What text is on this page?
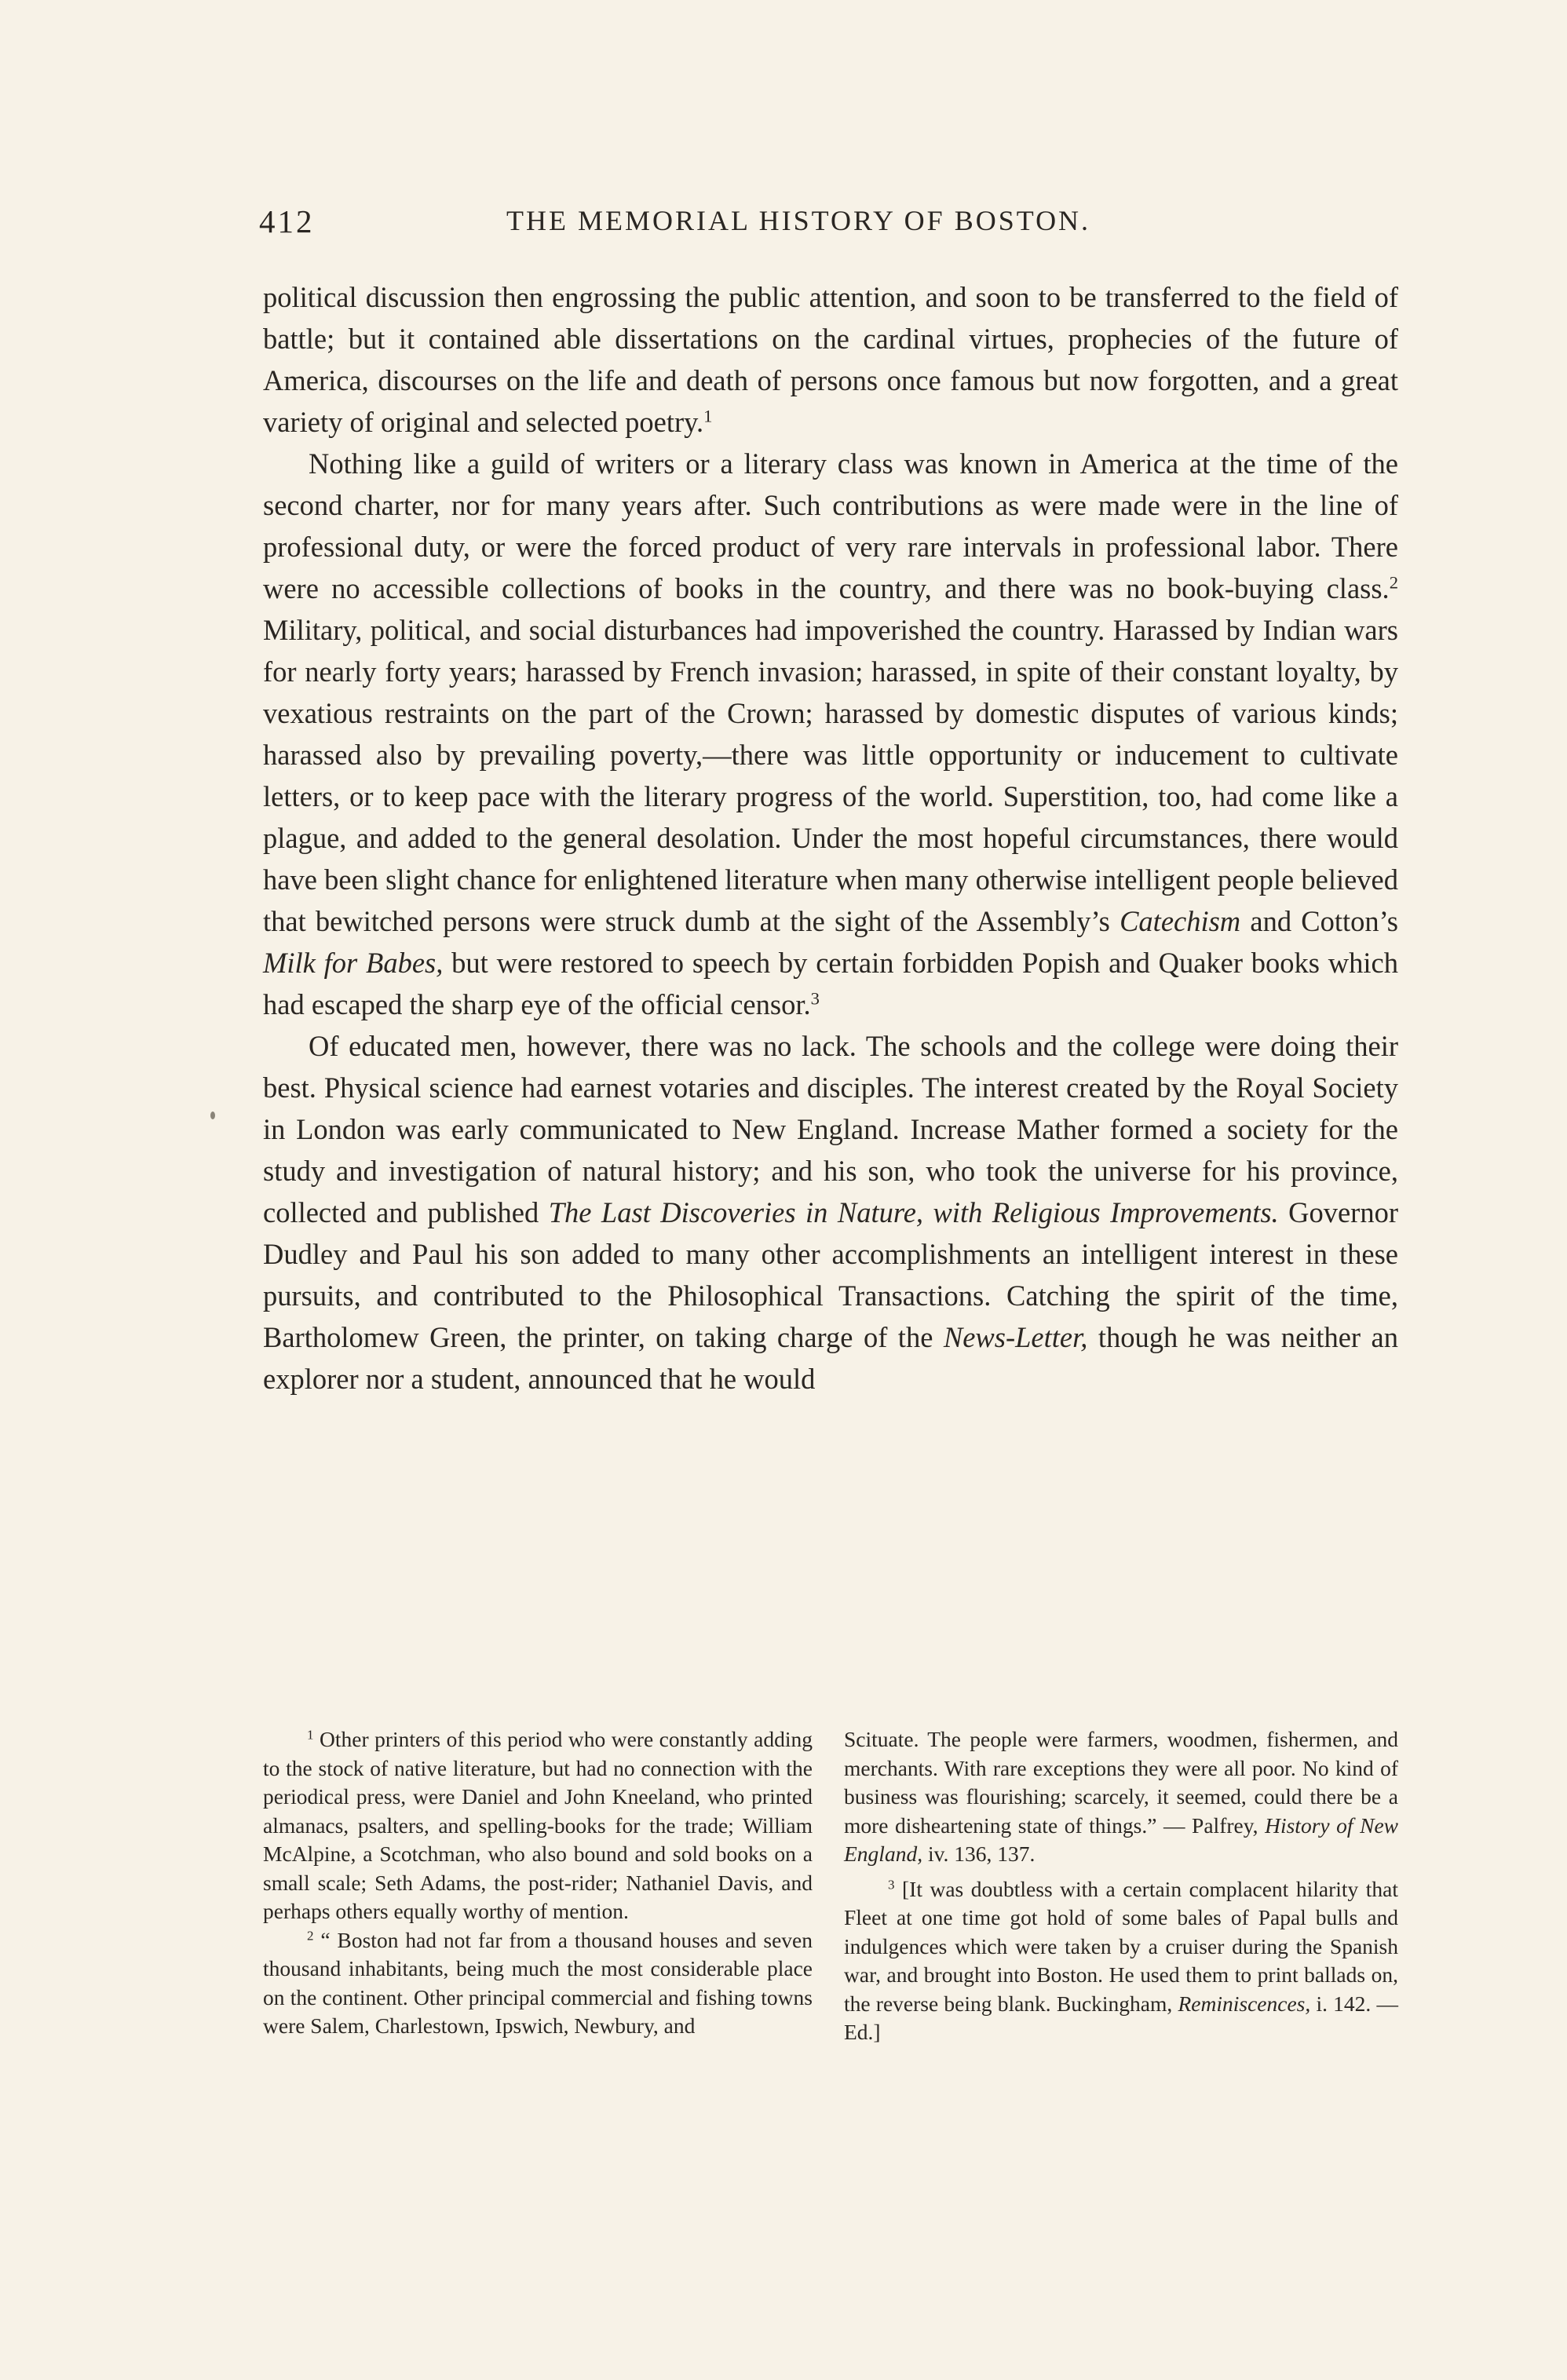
412	THE MEMORIAL HISTORY OF BOSTON.

political discussion then engrossing the public attention, and soon to be transferred to the field of battle; but it contained able dissertations on the cardinal virtues, prophecies of the future of America, discourses on the life and death of persons once famous but now forgotten, and a great variety of original and selected poetry.$^1$

Nothing like a guild of writers or a literary class was known in America at the time of the second charter, nor for many years after. Such contributions as were made were in the line of professional duty, or were the forced product of very rare intervals in professional labor. There were no accessible collections of books in the country, and there was no book-buying class.$^2$ Military, political, and social disturbances had impoverished the country. Harassed by Indian wars for nearly forty years; harassed by French invasion; harassed, in spite of their constant loyalty, by vexatious restraints on the part of the Crown; harassed by domestic disputes of various kinds; harassed also by prevailing poverty,—there was little opportunity or inducement to cultivate letters, or to keep pace with the literary progress of the world. Superstition, too, had come like a plague, and added to the general desolation. Under the most hopeful circumstances, there would have been slight chance for enlightened literature when many otherwise intelligent people believed that bewitched persons were struck dumb at the sight of the Assembly’s Catechism and Cotton’s Milk for Babes, but were restored to speech by certain forbidden Popish and Quaker books which had escaped the sharp eye of the official censor.$^3$

Of educated men, however, there was no lack. The schools and the college were doing their best. Physical science had earnest votaries and disciples. The interest created by the Royal Society in London was early communicated to New England. Increase Mather formed a society for the study and investigation of natural history; and his son, who took the universe for his province, collected and published The Last Discoveries in Nature, with Religious Improvements. Governor Dudley and Paul his son added to many other accomplishments an intelligent interest in these pursuits, and contributed to the Philosophical Transactions. Catching the spirit of the time, Bartholomew Green, the printer, on taking charge of the News-Letter, though he was neither an explorer nor a student, announced that he would

$^1$ Other printers of this period who were constantly adding to the stock of native literature, but had no connection with the periodical press, were Daniel and John Kneeland, who printed almanacs, psalters, and spelling-books for the trade; William McAlpine, a Scotchman, who also bound and sold books on a small scale; Seth Adams, the post-rider; Nathaniel Davis, and perhaps others equally worthy of mention.

$^2$ “ Boston had not far from a thousand houses and seven thousand inhabitants, being much the most considerable place on the continent. Other principal commercial and fishing towns were Salem, Charlestown, Ipswich, Newbury, and

Scituate. The people were farmers, woodmen, fishermen, and merchants. With rare exceptions they were all poor. No kind of business was flourishing; scarcely, it seemed, could there be a more disheartening state of things.” — Palfrey, History of New England, iv. 136, 137.

$^3$ [It was doubtless with a certain complacent hilarity that Fleet at one time got hold of some bales of Papal bulls and indulgences which were taken by a cruiser during the Spanish war, and brought into Boston. He used them to print ballads on, the reverse being blank. Buckingham, Reminiscences, i. 142. — Ed.]
